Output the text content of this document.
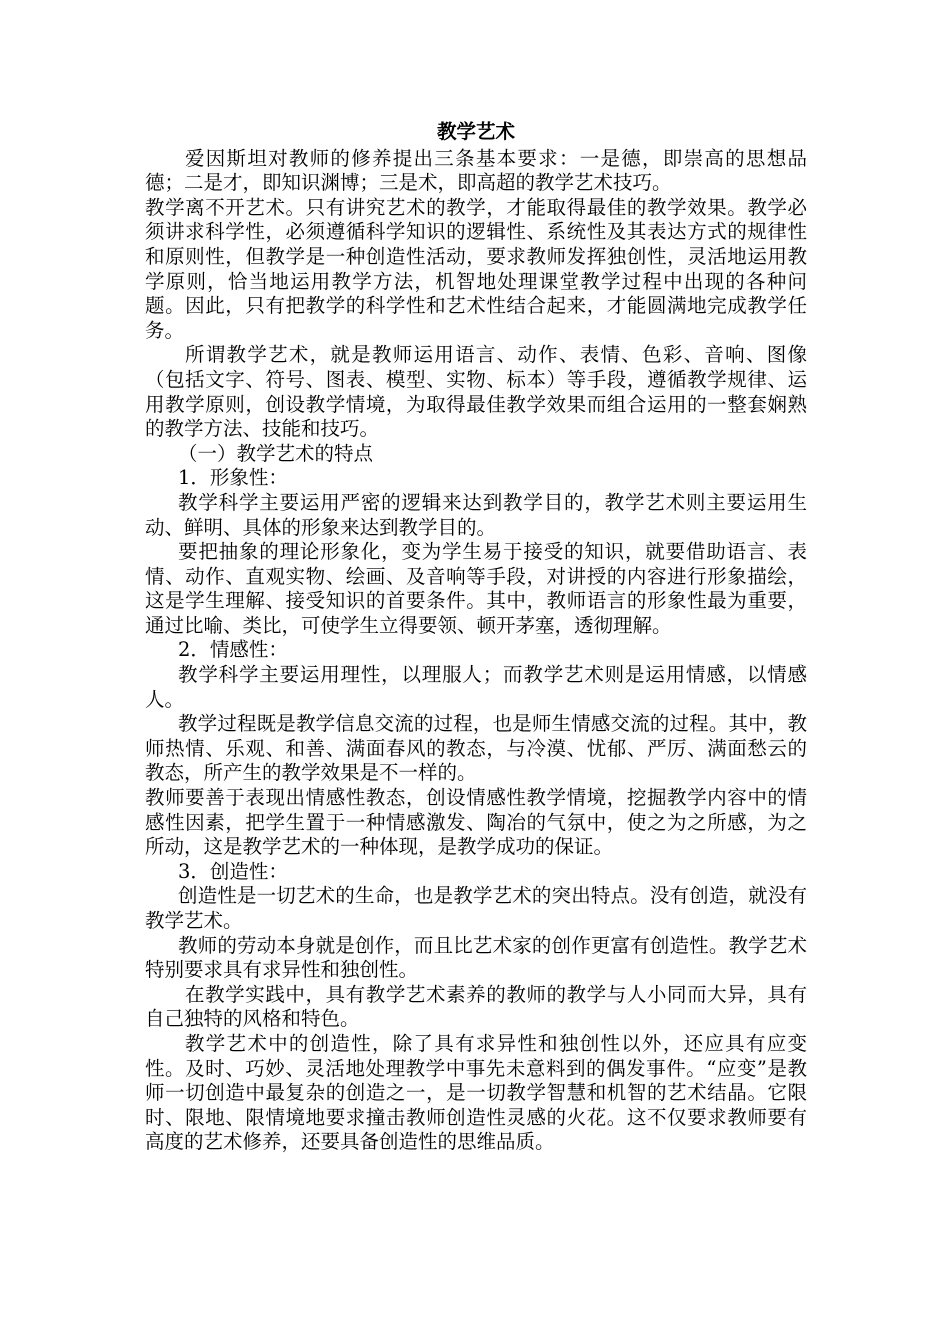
教学艺术

爱因斯坦对教师的修养提出三条基本要求：一是德，即崇高的思想品德；二是才，即知识渊博；三是术，即高超的教学艺术技巧。

教学离不开艺术。只有讲究艺术的教学，才能取得最佳的教学效果。教学必须讲求科学性，必须遵循科学知识的逻辑性、系统性及其表达方式的规律性和原则性，但教学是一种创造性活动，要求教师发挥独创性，灵活地运用教学原则，恰当地运用教学方法，机智地处理课堂教学过程中出现的各种问题。因此，只有把教学的科学性和艺术性结合起来，才能圆满地完成教学任务。

所谓教学艺术，就是教师运用语言、动作、表情、色彩、音响、图像（包括文字、符号、图表、模型、实物、标本）等手段，遵循教学规律、运用教学原则，创设教学情境，为取得最佳教学效果而组合运用的一整套娴熟的教学方法、技能和技巧。

（一）教学艺术的特点

1．形象性：

教学科学主要运用严密的逻辑来达到教学目的，教学艺术则主要运用生动、鲜明、具体的形象来达到教学目的。

要把抽象的理论形象化，变为学生易于接受的知识，就要借助语言、表情、动作、直观实物、绘画、及音响等手段，对讲授的内容进行形象描绘，这是学生理解、接受知识的首要条件。其中，教师语言的形象性最为重要，通过比喻、类比，可使学生立得要领、顿开茅塞，透彻理解。

2．情感性：

教学科学主要运用理性，以理服人；而教学艺术则是运用情感，以情感人。

教学过程既是教学信息交流的过程，也是师生情感交流的过程。其中，教师热情、乐观、和善、满面春风的教态，与冷漠、忧郁、严厉、满面愁云的教态，所产生的教学效果是不一样的。

教师要善于表现出情感性教态，创设情感性教学情境，挖掘教学内容中的情感性因素，把学生置于一种情感激发、陶冶的气氛中，使之为之所感，为之所动，这是教学艺术的一种体现，是教学成功的保证。

3．创造性：

创造性是一切艺术的生命，也是教学艺术的突出特点。没有创造，就没有教学艺术。

教师的劳动本身就是创作，而且比艺术家的创作更富有创造性。教学艺术特别要求具有求异性和独创性。

在教学实践中，具有教学艺术素养的教师的教学与人小同而大异，具有自己独特的风格和特色。

教学艺术中的创造性，除了具有求异性和独创性以外，还应具有应变性。及时、巧妙、灵活地处理教学中事先未意料到的偶发事件。“应变”是教师一切创造中最复杂的创造之一，是一切教学智慧和机智的艺术结晶。它限时、限地、限情境地要求撞击教师创造性灵感的火花。这不仅要求教师要有高度的艺术修养，还要具备创造性的思维品质。
